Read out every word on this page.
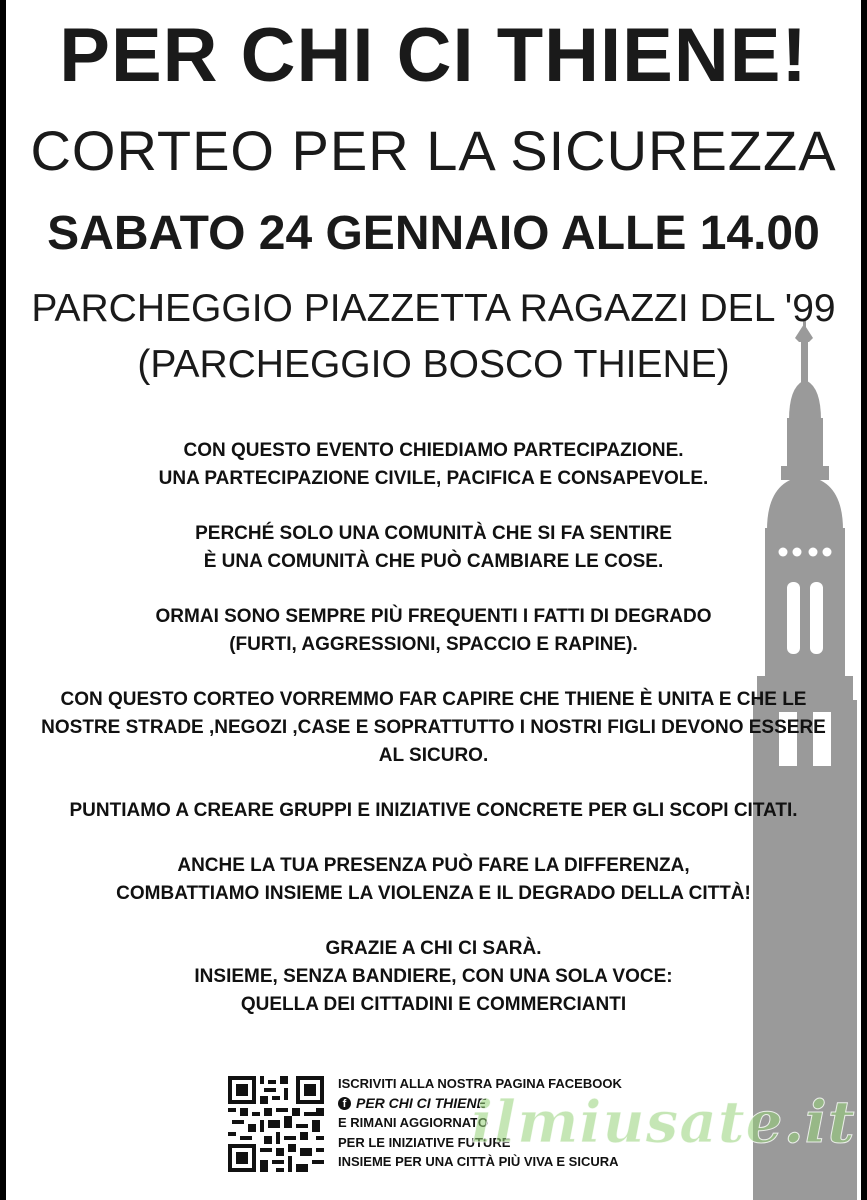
PER CHI CI THIENE!
CORTEO PER LA SICUREZZA
SABATO 24 GENNAIO ALLE 14.00
PARCHEGGIO PIAZZETTA RAGAZZI DEL '99
(PARCHEGGIO BOSCO THIENE)

CON QUESTO EVENTO CHIEDIAMO PARTECIPAZIONE.
UNA PARTECIPAZIONE CIVILE, PACIFICA E CONSAPEVOLE.

PERCHÉ SOLO UNA COMUNITÀ CHE SI FA SENTIRE
È UNA COMUNITÀ CHE PUÒ CAMBIARE LE COSE.

ORMAI SONO SEMPRE PIÙ FREQUENTI I FATTI DI DEGRADO
(FURTI, AGGRESSIONI, SPACCIO E RAPINE).

CON QUESTO CORTEO VORREMMO FAR CAPIRE CHE THIENE È UNITA E CHE LE
NOSTRE STRADE ,NEGOZI ,CASE E SOPRATTUTTO I NOSTRI FIGLI DEVONO ESSERE
AL SICURO.

PUNTIAMO A CREARE GRUPPI E INIZIATIVE CONCRETE PER GLI SCOPI CITATI.

ANCHE LA TUA PRESENZA PUÒ FARE LA DIFFERENZA,
COMBATTIAMO INSIEME LA VIOLENZA E IL DEGRADO DELLA CITTÀ!

GRAZIE A CHI CI SARÀ.
INSIEME, SENZA BANDIERE, CON UNA SOLA VOCE:
QUELLA DEI CITTADINI E COMMERCIANTI

ISCRIVITI ALLA NOSTRA PAGINA FACEBOOK
f PER CHI CI THIENE
E RIMANI AGGIORNATO
PER LE INIZIATIVE FUTURE
INSIEME PER UNA CITTÀ PIÙ VIVA E SICURA
ilmiusate.it
